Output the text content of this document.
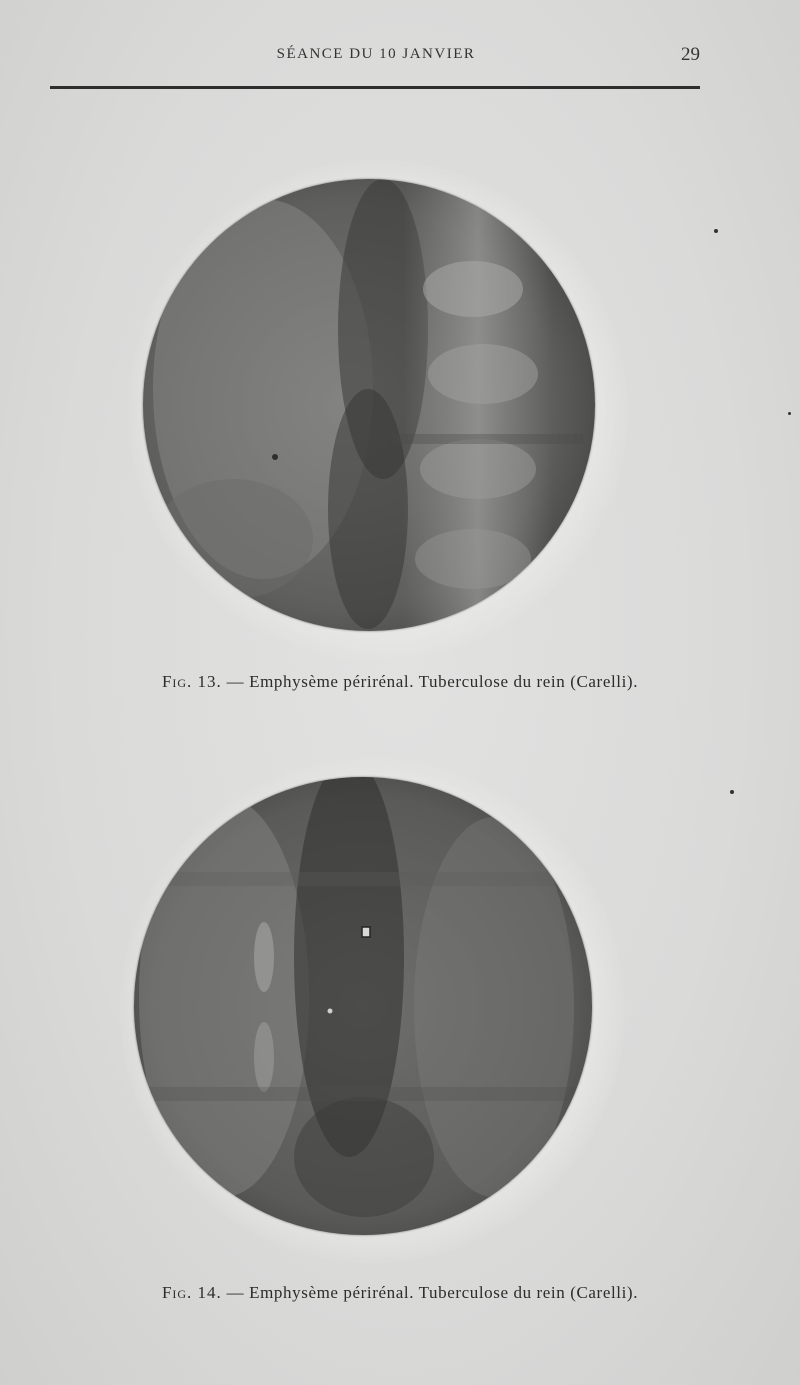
SÉANCE DU 10 JANVIER	29
Fig. 13. — Emphysème périrénal. Tuberculose du rein (Carelli).
Fig. 14. — Emphysème périrénal. Tuberculose du rein (Carelli).
